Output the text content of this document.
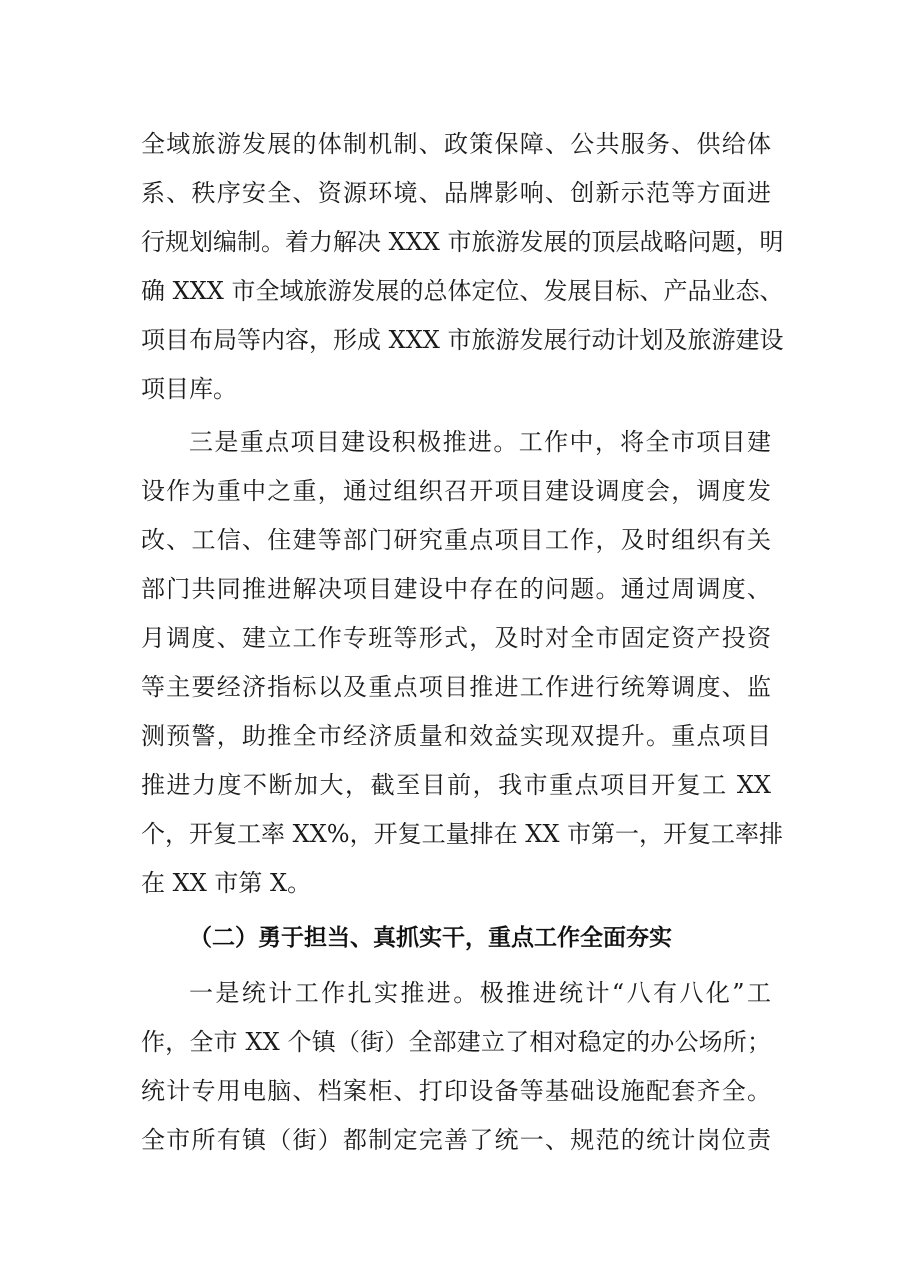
全域旅游发展的体制机制、政策保障、公共服务、供给体
系、秩序安全、资源环境、品牌影响、创新示范等方面进
行规划编制。着力解决 XXX 市旅游发展的顶层战略问题，明
确 XXX 市全域旅游发展的总体定位、发展目标、产品业态、
项目布局等内容，形成 XXX 市旅游发展行动计划及旅游建设
项目库。
三是重点项目建设积极推进。工作中，将全市项目建
设作为重中之重，通过组织召开项目建设调度会，调度发
改、工信、住建等部门研究重点项目工作，及时组织有关
部门共同推进解决项目建设中存在的问题。通过周调度、
月调度、建立工作专班等形式，及时对全市固定资产投资
等主要经济指标以及重点项目推进工作进行统筹调度、监
测预警，助推全市经济质量和效益实现双提升。重点项目
推进力度不断加大，截至目前，我市重点项目开复工 XX
个，开复工率 XX%，开复工量排在 XX 市第一，开复工率排
在 XX 市第 X。
（二）勇于担当、真抓实干，重点工作全面夯实
一是统计工作扎实推进。极推进统计“八有八化”工
作，全市 XX 个镇（街）全部建立了相对稳定的办公场所；
统计专用电脑、档案柜、打印设备等基础设施配套齐全。
全市所有镇（街）都制定完善了统一、规范的统计岗位责
